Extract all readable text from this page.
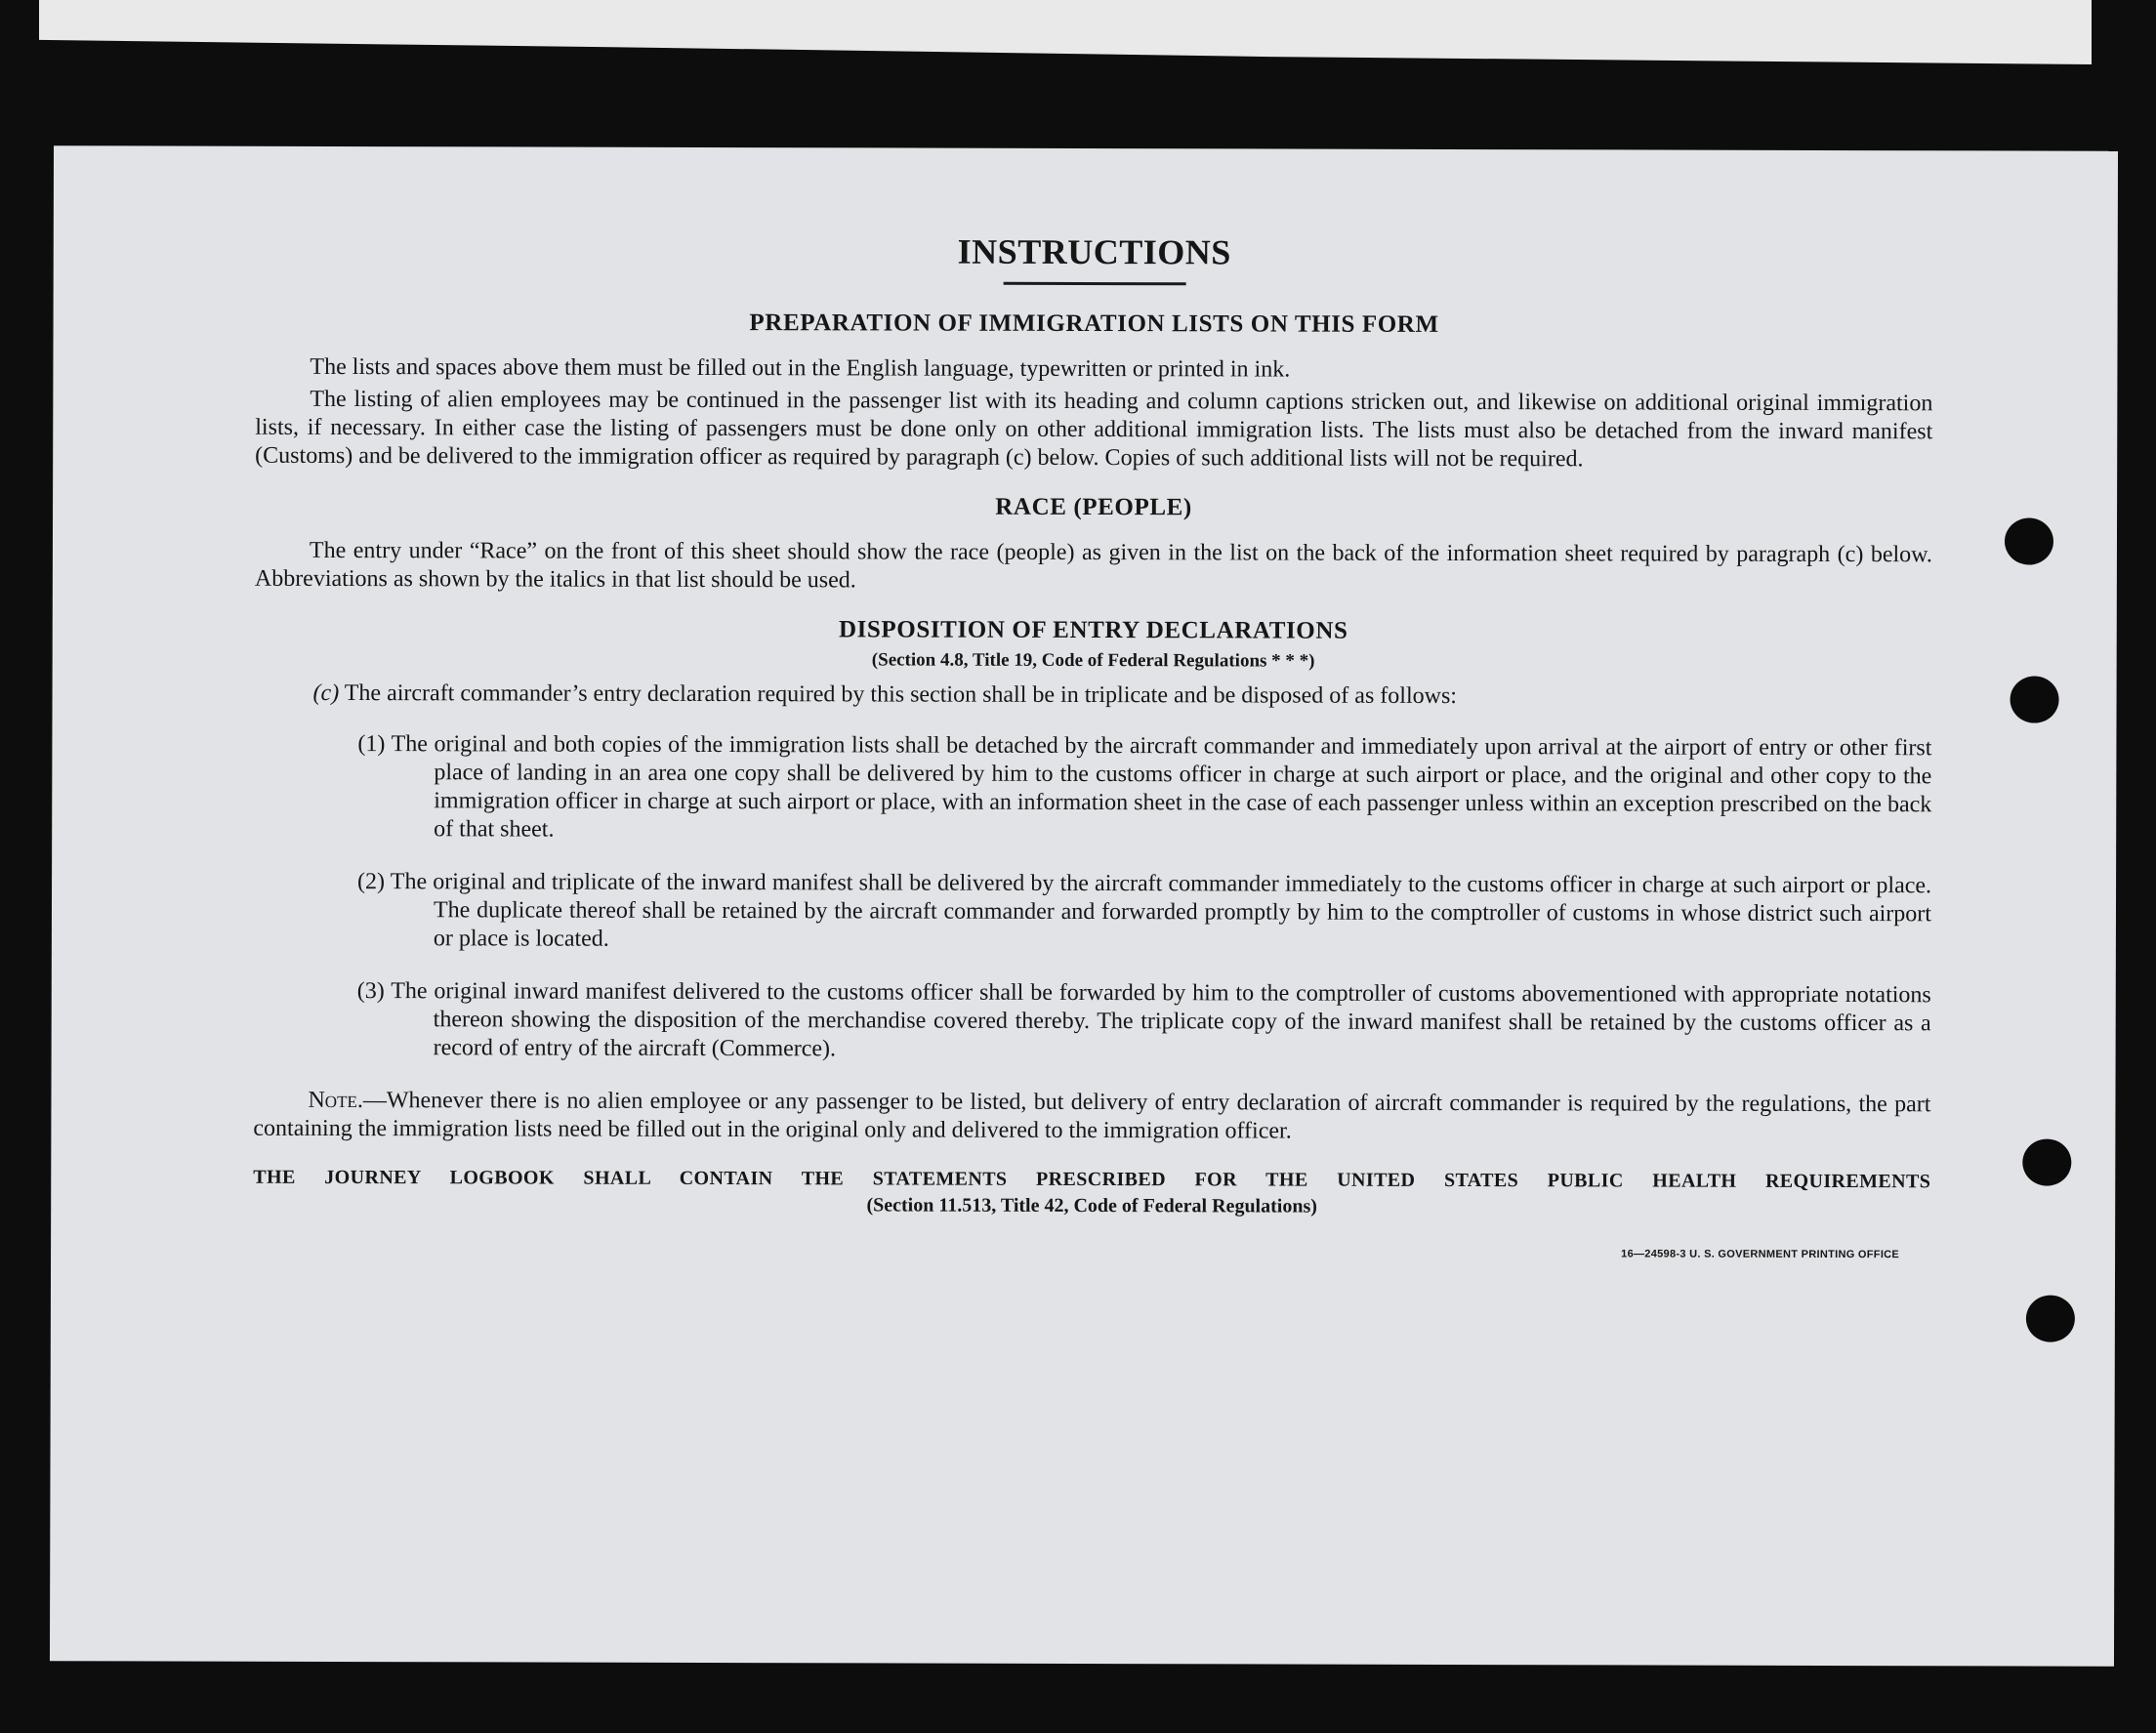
INSTRUCTIONS
PREPARATION OF IMMIGRATION LISTS ON THIS FORM

The lists and spaces above them must be filled out in the English language, typewritten or printed in ink.

The listing of alien employees may be continued in the passenger list with its heading and column captions stricken out, and likewise on additional original immigration lists, if necessary. In either case the listing of passengers must be done only on other additional immigration lists. The lists must also be detached from the inward manifest (Customs) and be delivered to the immigration officer as required by paragraph (c) below. Copies of such additional lists will not be required.

RACE (PEOPLE)

The entry under “Race” on the front of this sheet should show the race (people) as given in the list on the back of the information sheet required by paragraph (c) below. Abbreviations as shown by the italics in that list should be used.

DISPOSITION OF ENTRY DECLARATIONS
(Section 4.8, Title 19, Code of Federal Regulations * * *)
(c) The aircraft commander’s entry declaration required by this section shall be in triplicate and be disposed of as follows:
(1) The original and both copies of the immigration lists shall be detached by the aircraft commander and immediately upon arrival at the airport of entry or other first place of landing in an area one copy shall be delivered by him to the customs officer in charge at such airport or place, and the original and other copy to the immigration officer in charge at such airport or place, with an information sheet in the case of each passenger unless within an exception prescribed on the back of that sheet.
(2) The original and triplicate of the inward manifest shall be delivered by the aircraft commander immediately to the customs officer in charge at such airport or place. The duplicate thereof shall be retained by the aircraft commander and forwarded promptly by him to the comptroller of customs in whose district such airport or place is located.
(3) The original inward manifest delivered to the customs officer shall be forwarded by him to the comptroller of customs abovementioned with appropriate notations thereon showing the disposition of the merchandise covered thereby. The triplicate copy of the inward manifest shall be retained by the customs officer as a record of entry of the aircraft (Commerce).

Note.—Whenever there is no alien employee or any passenger to be listed, but delivery of entry declaration of aircraft commander is required by the regulations, the part containing the immigration lists need be filled out in the original only and delivered to the immigration officer.

THE JOURNEY LOGBOOK SHALL CONTAIN THE STATEMENTS PRESCRIBED FOR THE UNITED STATES PUBLIC HEALTH REQUIREMENTS

(Section 11.513, Title 42, Code of Federal Regulations)
16—24598-3 U. S. GOVERNMENT PRINTING OFFICE
